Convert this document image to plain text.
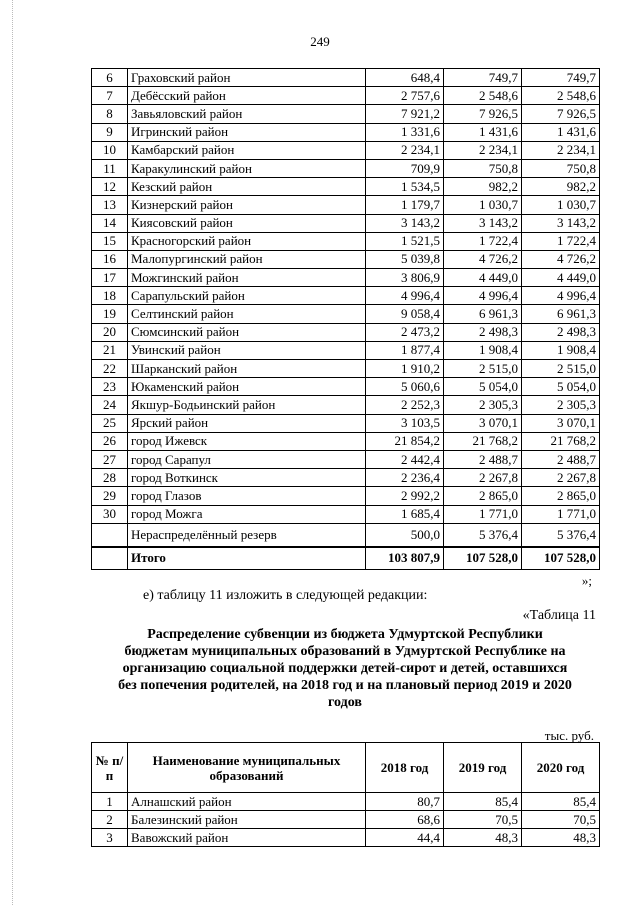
249
6	Граховский район	648,4	749,7	749,7
7	Дебёсский район	2 757,6	2 548,6	2 548,6
8	Завьяловский район	7 921,2	7 926,5	7 926,5
9	Игринский район	1 331,6	1 431,6	1 431,6
10	Камбарский район	2 234,1	2 234,1	2 234,1
11	Каракулинский район	709,9	750,8	750,8
12	Кезский район	1 534,5	982,2	982,2
13	Кизнерский район	1 179,7	1 030,7	1 030,7
14	Киясовский район	3 143,2	3 143,2	3 143,2
15	Красногорский район	1 521,5	1 722,4	1 722,4
16	Малопургинский район	5 039,8	4 726,2	4 726,2
17	Можгинский район	3 806,9	4 449,0	4 449,0
18	Сарапульский район	4 996,4	4 996,4	4 996,4
19	Селтинский район	9 058,4	6 961,3	6 961,3
20	Сюмсинский район	2 473,2	2 498,3	2 498,3
21	Увинский район	1 877,4	1 908,4	1 908,4
22	Шарканский район	1 910,2	2 515,0	2 515,0
23	Юкаменский район	5 060,6	5 054,0	5 054,0
24	Якшур-Бодьинский район	2 252,3	2 305,3	2 305,3
25	Ярский район	3 103,5	3 070,1	3 070,1
26	город Ижевск	21 854,2	21 768,2	21 768,2
27	город Сарапул	2 442,4	2 488,7	2 488,7
28	город Воткинск	2 236,4	2 267,8	2 267,8
29	город Глазов	2 992,2	2 865,0	2 865,0
30	город Можга	1 685,4	1 771,0	1 771,0
	Нераспределённый резерв	500,0	5 376,4	5 376,4
	Итого	103 807,9	107 528,0	107 528,0
»;
е) таблицу 11 изложить в следующей редакции:
«Таблица 11
Распределение субвенции из бюджета Удмуртской Республики
бюджетам муниципальных образований в Удмуртской Республике на
организацию социальной поддержки детей-сирот и детей, оставшихся
без попечения родителей, на 2018 год и на плановый период 2019 и 2020
годов
тыс. руб.
№ п/п	Наименование муниципальных образований	2018 год	2019 год	2020 год
1	Алнашский район	80,7	85,4	85,4
2	Балезинский район	68,6	70,5	70,5
3	Вавожский район	44,4	48,3	48,3
